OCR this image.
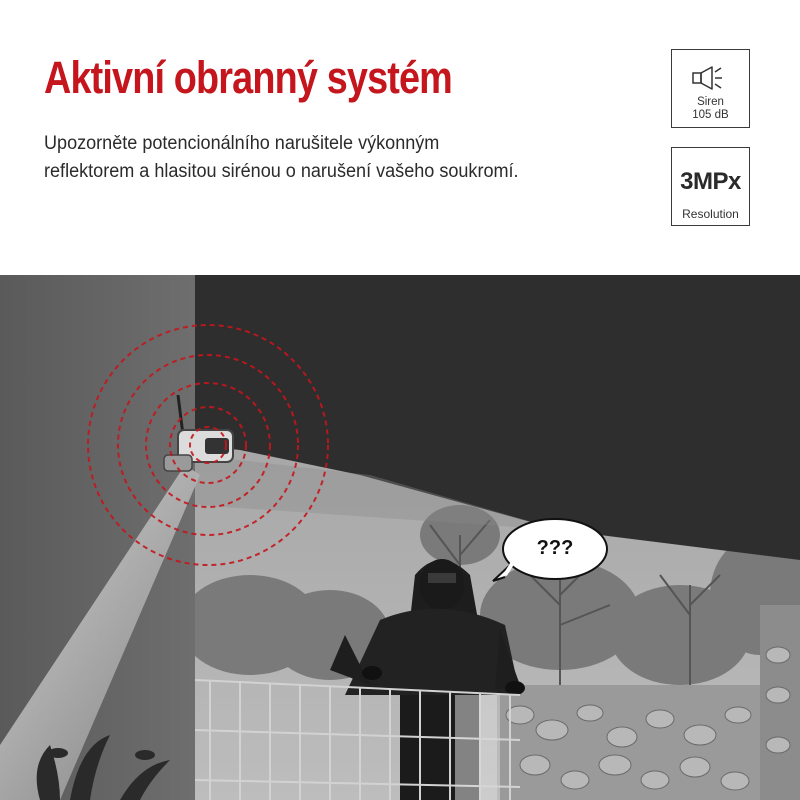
Aktivní obranný systém
Upozorněte potencionálního narušitele výkonným
reflektorem a hlasitou sirénou o narušení vašeho soukromí.
Siren
105 dB
3MPx
Resolution
???
